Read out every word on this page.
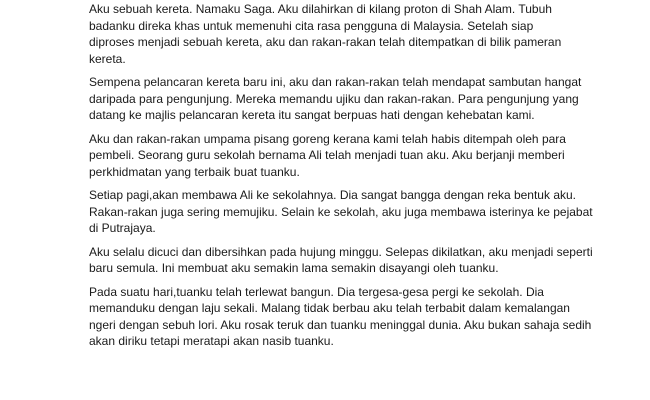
Aku sebuah kereta. Namaku Saga. Aku dilahirkan di kilang proton di Shah Alam. Tubuh
badanku direka khas untuk memenuhi cita rasa pengguna di Malaysia. Setelah siap
diproses menjadi sebuah kereta, aku dan rakan-rakan telah ditempatkan di bilik pameran
kereta.

Sempena pelancaran kereta baru ini, aku dan rakan-rakan telah mendapat sambutan hangat
daripada para pengunjung. Mereka memandu ujiku dan rakan-rakan. Para pengunjung yang
datang ke majlis pelancaran kereta itu sangat berpuas hati dengan kehebatan kami.

Aku dan rakan-rakan umpama pisang goreng kerana kami telah habis ditempah oleh para
pembeli. Seorang guru sekolah bernama Ali telah menjadi tuan aku. Aku berjanji memberi
perkhidmatan yang terbaik buat tuanku.

Setiap pagi,akan membawa Ali ke sekolahnya. Dia sangat bangga dengan reka bentuk aku.
Rakan-rakan juga sering memujiku. Selain ke sekolah, aku juga membawa isterinya ke pejabat
di Putrajaya.

Aku selalu dicuci dan dibersihkan pada hujung minggu. Selepas dikilatkan, aku menjadi seperti
baru semula. Ini membuat aku semakin lama semakin disayangi oleh tuanku.

Pada suatu hari,tuanku telah terlewat bangun. Dia tergesa-gesa pergi ke sekolah. Dia
memanduku dengan laju sekali. Malang tidak berbau aku telah terbabit dalam kemalangan
ngeri dengan sebuh lori. Aku rosak teruk dan tuanku meninggal dunia. Aku bukan sahaja sedih
akan diriku tetapi meratapi akan nasib tuanku.
